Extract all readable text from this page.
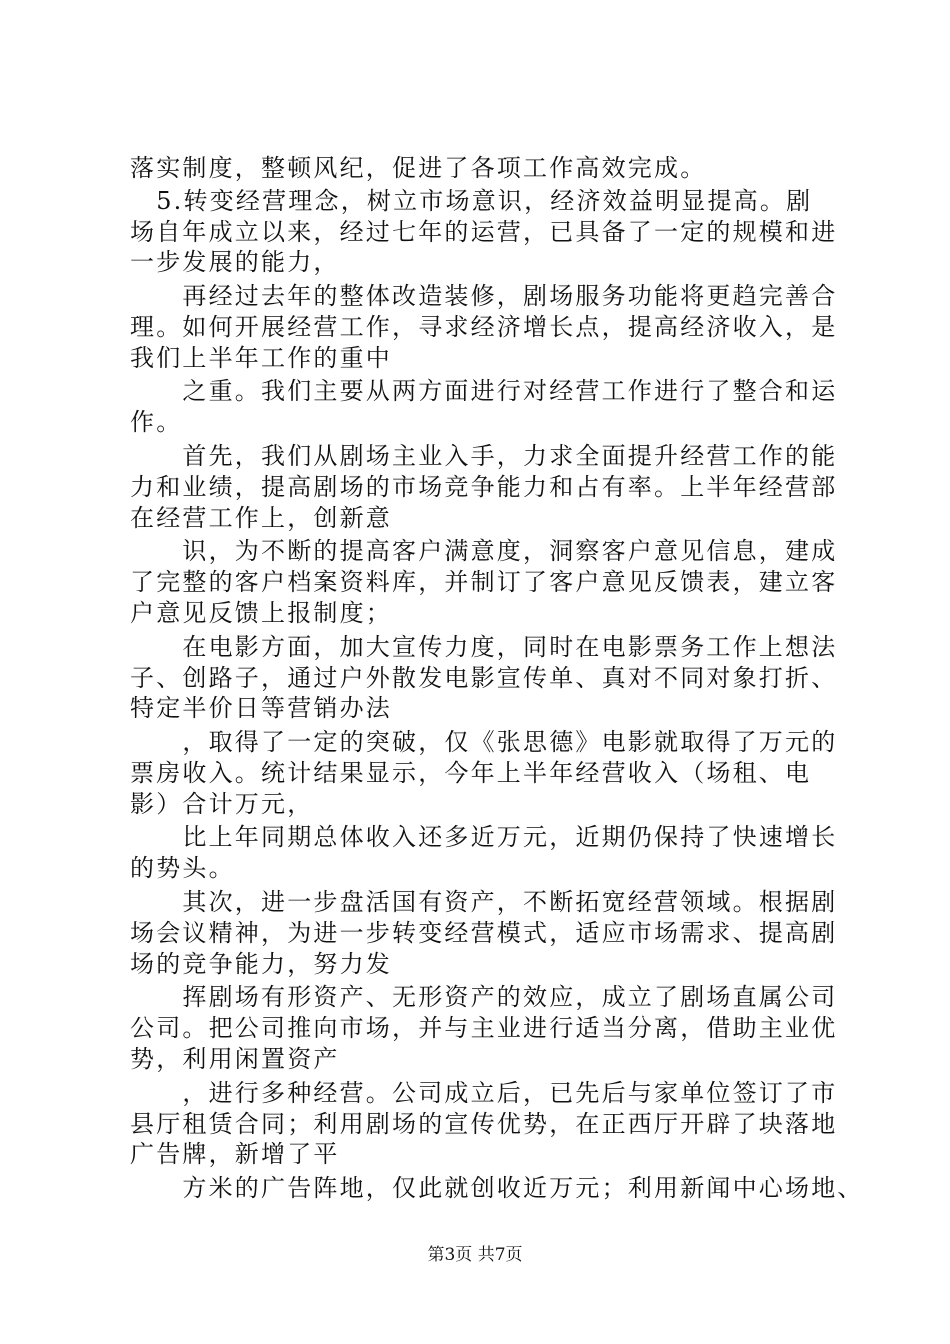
落实制度，整顿风纪，促进了各项工作高效完成。
　5.转变经营理念，树立市场意识，经济效益明显提高。剧
场自年成立以来，经过七年的运营，已具备了一定的规模和进
一步发展的能力，
　　再经过去年的整体改造装修，剧场服务功能将更趋完善合
理。如何开展经营工作，寻求经济增长点，提高经济收入，是
我们上半年工作的重中
　　之重。我们主要从两方面进行对经营工作进行了整合和运
作。
　　首先，我们从剧场主业入手，力求全面提升经营工作的能
力和业绩，提高剧场的市场竞争能力和占有率。上半年经营部
在经营工作上，创新意
　　识，为不断的提高客户满意度，洞察客户意见信息，建成
了完整的客户档案资料库，并制订了客户意见反馈表，建立客
户意见反馈上报制度；
　　在电影方面，加大宣传力度，同时在电影票务工作上想法
子、创路子，通过户外散发电影宣传单、真对不同对象打折、
特定半价日等营销办法
　　，取得了一定的突破，仅《张思德》电影就取得了万元的
票房收入。统计结果显示，今年上半年经营收入（场租、电
影）合计万元，
　　比上年同期总体收入还多近万元，近期仍保持了快速增长
的势头。
　　其次，进一步盘活国有资产，不断拓宽经营领域。根据剧
场会议精神，为进一步转变经营模式，适应市场需求、提高剧
场的竞争能力，努力发
　　挥剧场有形资产、无形资产的效应，成立了剧场直属公司
公司。把公司推向市场，并与主业进行适当分离，借助主业优
势，利用闲置资产
　　，进行多种经营。公司成立后，已先后与家单位签订了市
县厅租赁合同；利用剧场的宣传优势，在正西厅开辟了块落地
广告牌，新增了平
　　方米的广告阵地，仅此就创收近万元；利用新闻中心场地、
第3页 共7页
